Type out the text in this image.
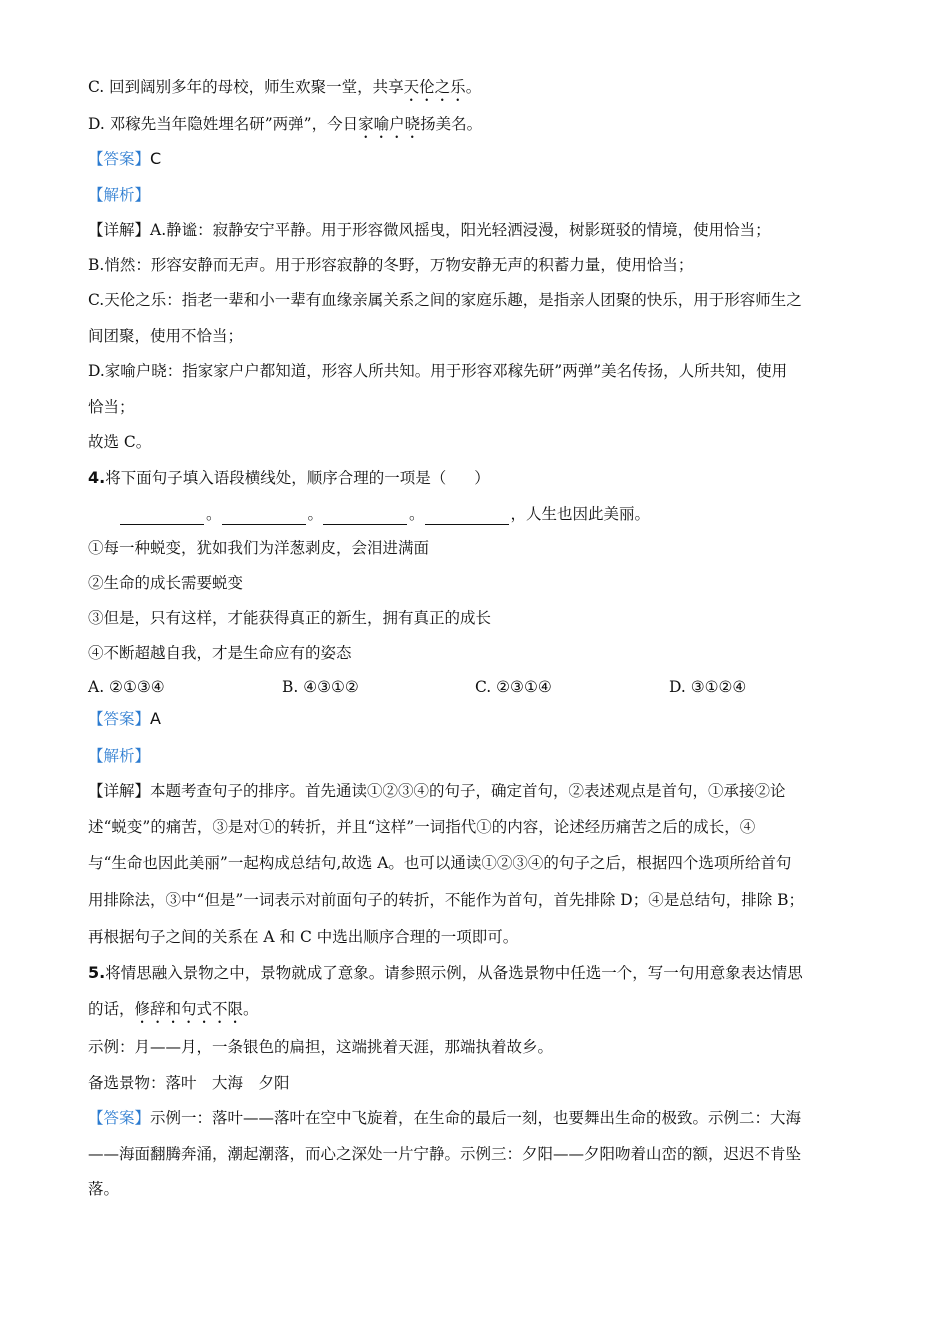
C. 回到阔别多年的母校，师生欢聚一堂，共享天伦之乐。
D. 邓稼先当年隐姓埋名研”两弹”，今日家喻户晓扬美名。
【答案】C
【解析】
【详解】A.静谧：寂静安宁平静。用于形容微风摇曳，阳光轻洒浸漫，树影斑驳的情境，使用恰当；
B.悄然：形容安静而无声。用于形容寂静的冬野，万物安静无声的积蓄力量，使用恰当；
C.天伦之乐：指老一辈和小一辈有血缘亲属关系之间的家庭乐趣，是指亲人团聚的快乐，用于形容师生之
间团聚，使用不恰当；
D.家喻户晓：指家家户户都知道，形容人所共知。用于形容邓稼先研”两弹”美名传扬，人所共知，使用
恰当；
故选 C。
4.将下面句子填入语段横线处，顺序合理的一项是（ ）
。	。	。	，人生也因此美丽。
①每一种蜕变，犹如我们为洋葱剥皮，会泪进满面
②生命的成长需要蜕变
③但是，只有这样，才能获得真正的新生，拥有真正的成长
④不断超越自我，才是生命应有的姿态
A. ②①③④	B. ④③①②	C. ②③①④	D. ③①②④
【答案】A
【解析】
【详解】本题考查句子的排序。首先通读①②③④的句子，确定首句，②表述观点是首句，①承接②论
述“蜕变”的痛苦，③是对①的转折，并且“这样”一词指代①的内容，论述经历痛苦之后的成长，④
与“生命也因此美丽”一起构成总结句,故选 A。也可以通读①②③④的句子之后，根据四个选项所给首句
用排除法，③中“但是”一词表示对前面句子的转折，不能作为首句，首先排除 D；④是总结句，排除 B；
再根据句子之间的关系在 A 和 C 中选出顺序合理的一项即可。
5.将情思融入景物之中，景物就成了意象。请参照示例，从备选景物中任选一个，写一句用意象表达情思
的话，修辞和句式不限。
示例：月——月，一条银色的扁担，这端挑着天涯，那端执着故乡。
备选景物：落叶　大海　夕阳
【答案】示例一：落叶——落叶在空中飞旋着，在生命的最后一刻，也要舞出生命的极致。示例二：大海
——海面翻腾奔涌，潮起潮落，而心之深处一片宁静。示例三：夕阳——夕阳吻着山峦的额，迟迟不肯坠
落。
